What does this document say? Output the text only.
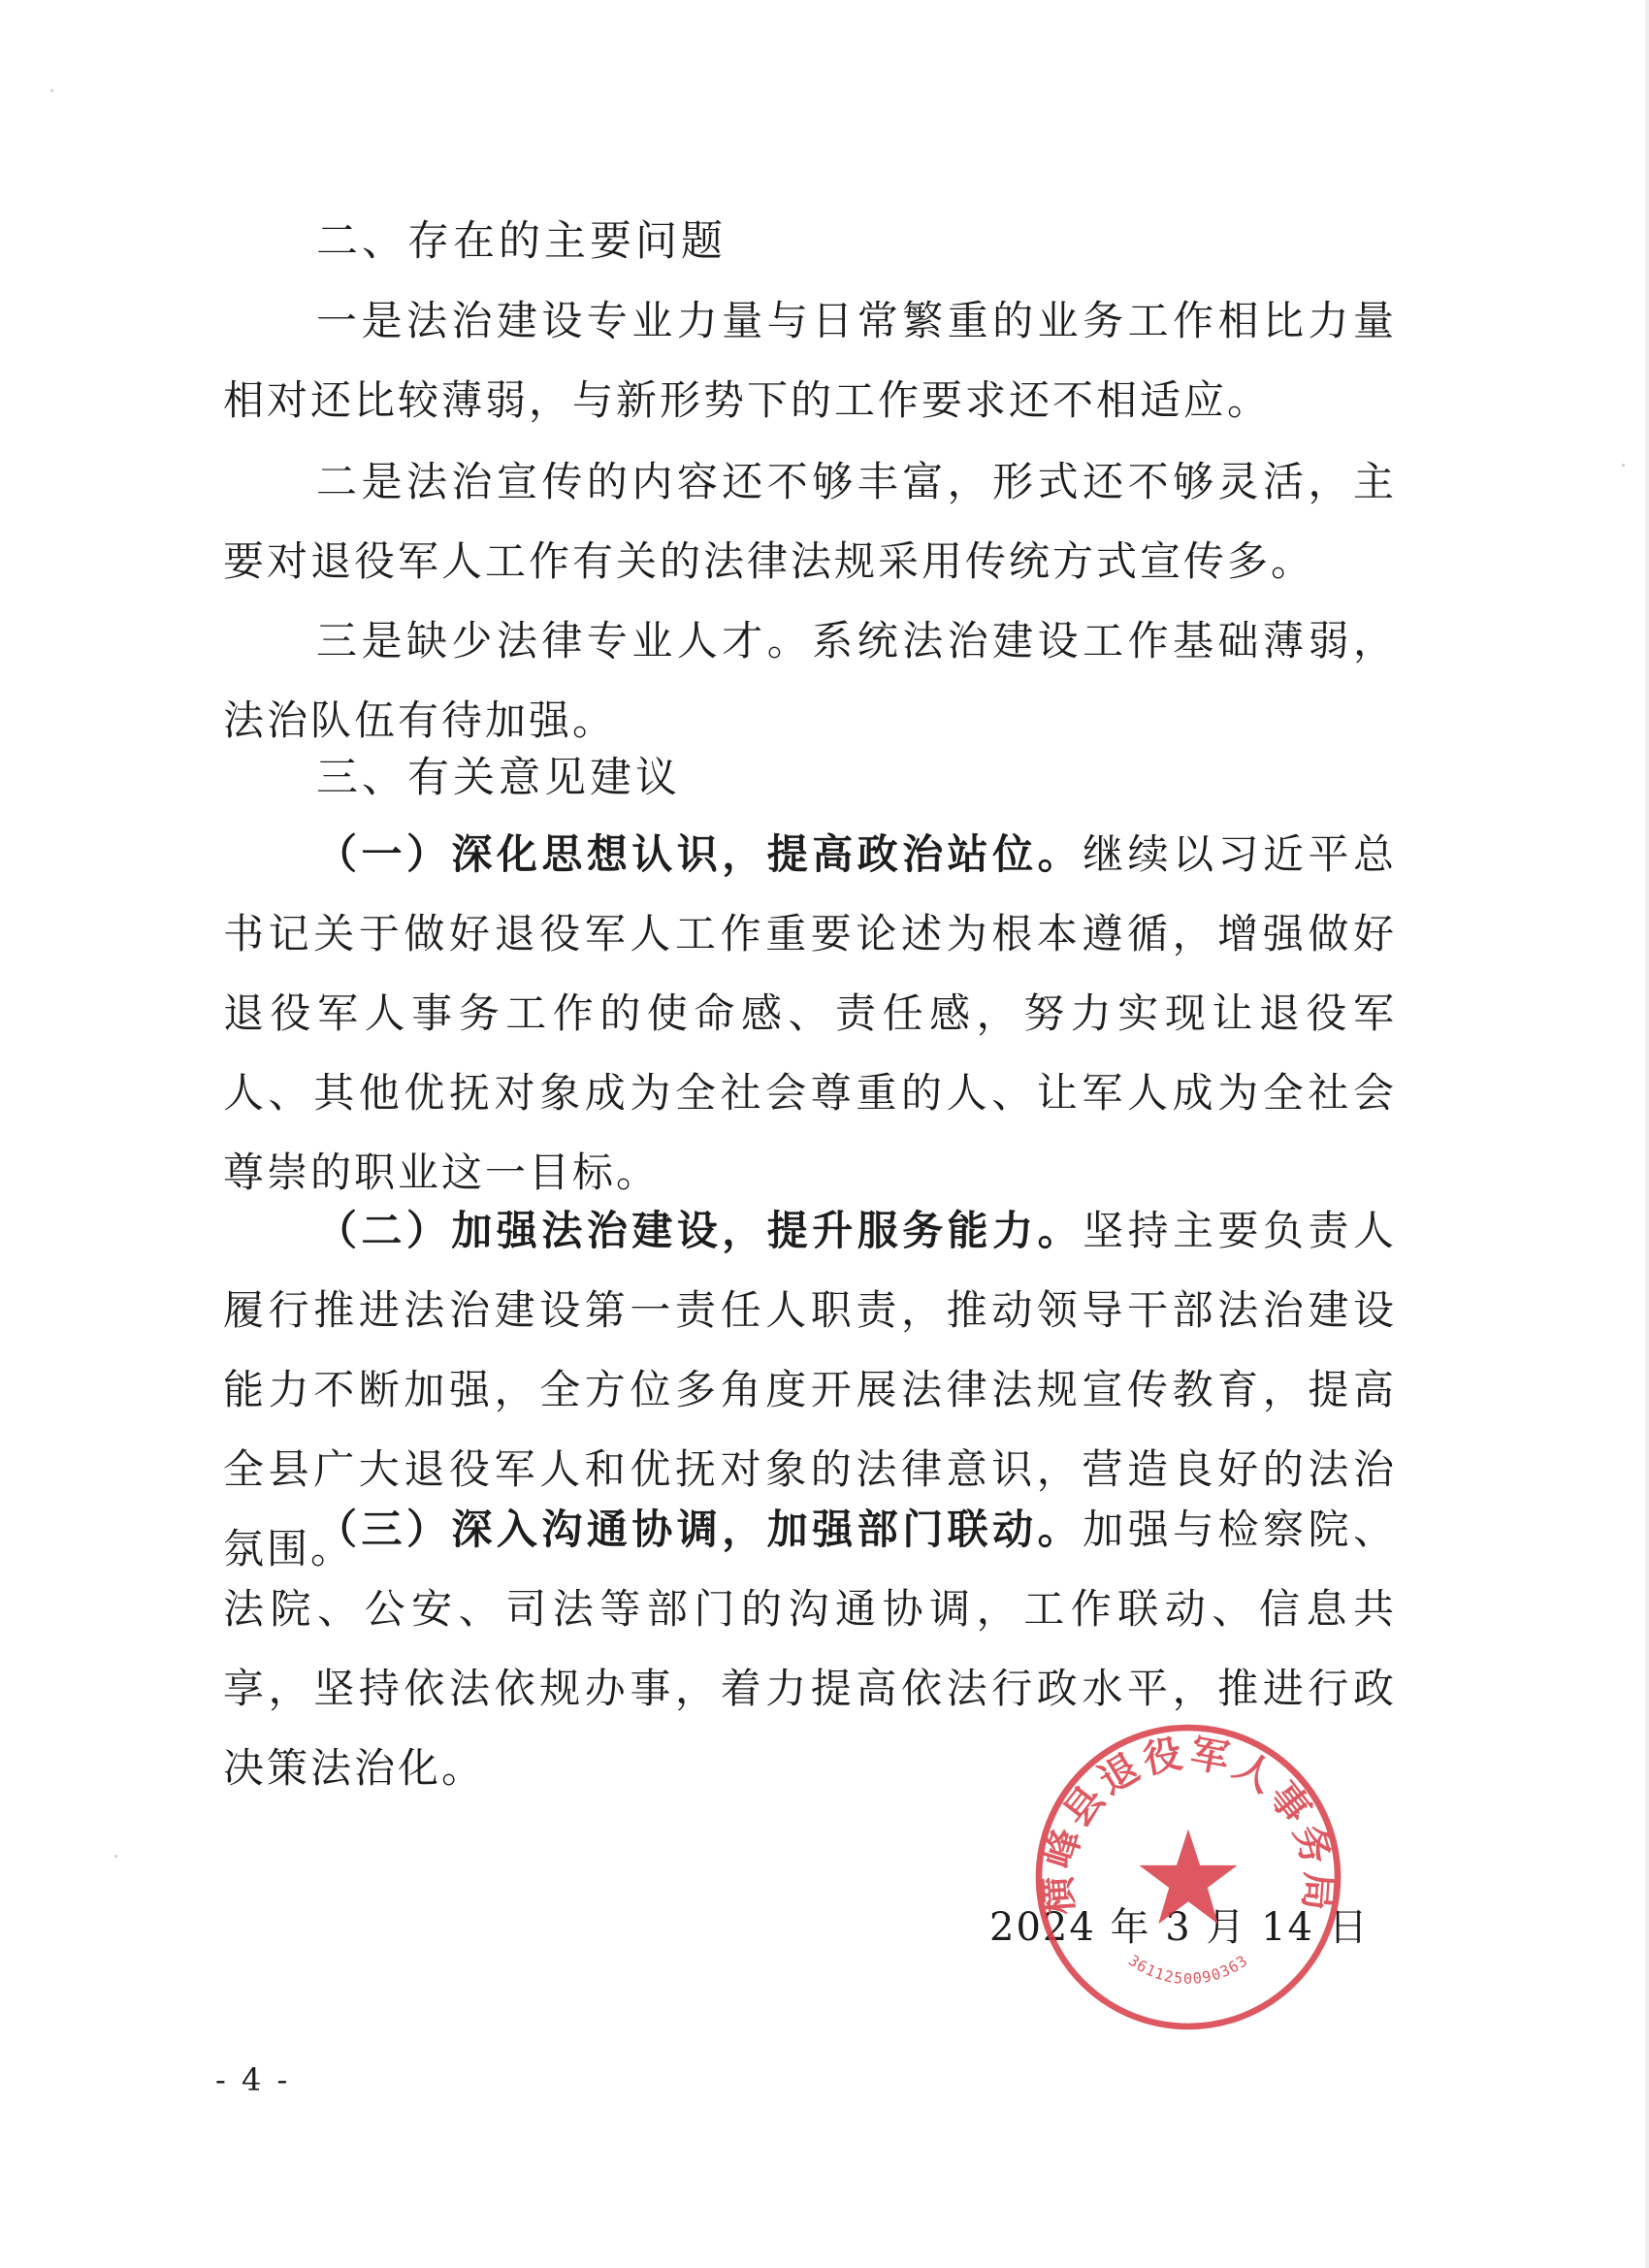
二、存在的主要问题

一是法治建设专业力量与日常繁重的业务工作相比力量相对还比较薄弱，与新形势下的工作要求还不相适应。

二是法治宣传的内容还不够丰富，形式还不够灵活，主要对退役军人工作有关的法律法规采用传统方式宣传多。

三是缺少法律专业人才。系统法治建设工作基础薄弱，法治队伍有待加强。

三、有关意见建议

（一）深化思想认识，提高政治站位。继续以习近平总书记关于做好退役军人工作重要论述为根本遵循，增强做好退役军人事务工作的使命感、责任感，努力实现让退役军人、其他优抚对象成为全社会尊重的人、让军人成为全社会尊崇的职业这一目标。

（二）加强法治建设，提升服务能力。坚持主要负责人履行推进法治建设第一责任人职责，推动领导干部法治建设能力不断加强，全方位多角度开展法律法规宣传教育，提高全县广大退役军人和优抚对象的法律意识，营造良好的法治氛围。

（三）深入沟通协调，加强部门联动。加强与检察院、法院、公安、司法等部门的沟通协调，工作联动、信息共享，坚持依法依规办事，着力提高依法行政水平，推进行政决策法治化。

2024 年 3 月 14 日
横峰县退役军人事务局
3611250090363
- 4 -
